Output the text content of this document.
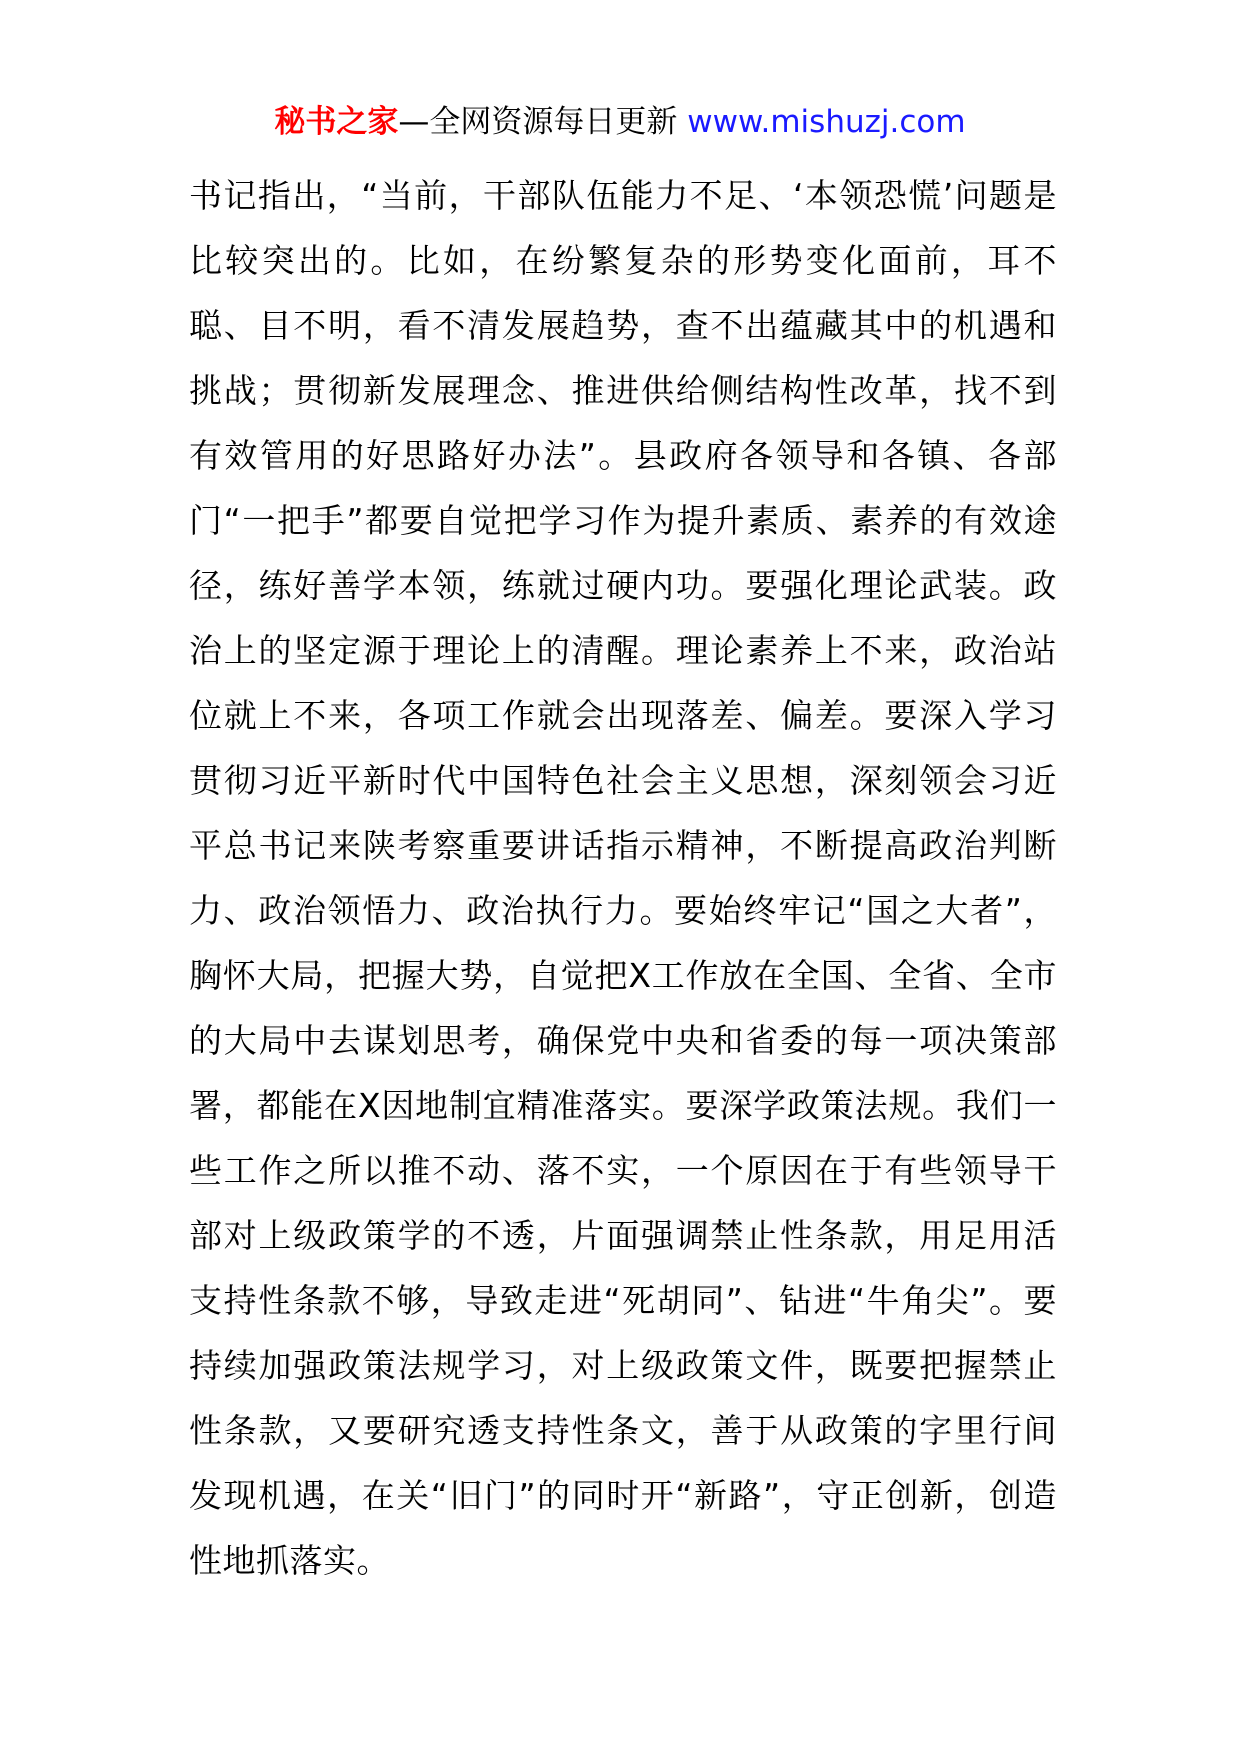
秘书之家—全网资源每日更新 www.mishuzj.com

书记指出，“当前，干部队伍能力不足、‘本领恐慌’问题是比较突出的。比如，在纷繁复杂的形势变化面前，耳不聪、目不明，看不清发展趋势，查不出蕴藏其中的机遇和挑战；贯彻新发展理念、推进供给侧结构性改革，找不到有效管用的好思路好办法”。县政府各领导和各镇、各部门“一把手”都要自觉把学习作为提升素质、素养的有效途径，练好善学本领，练就过硬内功。要强化理论武装。政治上的坚定源于理论上的清醒。理论素养上不来，政治站位就上不来，各项工作就会出现落差、偏差。要深入学习贯彻习近平新时代中国特色社会主义思想，深刻领会习近平总书记来陕考察重要讲话指示精神，不断提高政治判断力、政治领悟力、政治执行力。要始终牢记“国之大者”，胸怀大局，把握大势，自觉把X工作放在全国、全省、全市的大局中去谋划思考，确保党中央和省委的每一项决策部署，都能在X因地制宜精准落实。要深学政策法规。我们一些工作之所以推不动、落不实，一个原因在于有些领导干部对上级政策学的不透，片面强调禁止性条款，用足用活支持性条款不够，导致走进“死胡同”、钻进“牛角尖”。要持续加强政策法规学习，对上级政策文件，既要把握禁止性条款，又要研究透支持性条文，善于从政策的字里行间发现机遇，在关“旧门”的同时开“新路”，守正创新，创造性地抓落实。
